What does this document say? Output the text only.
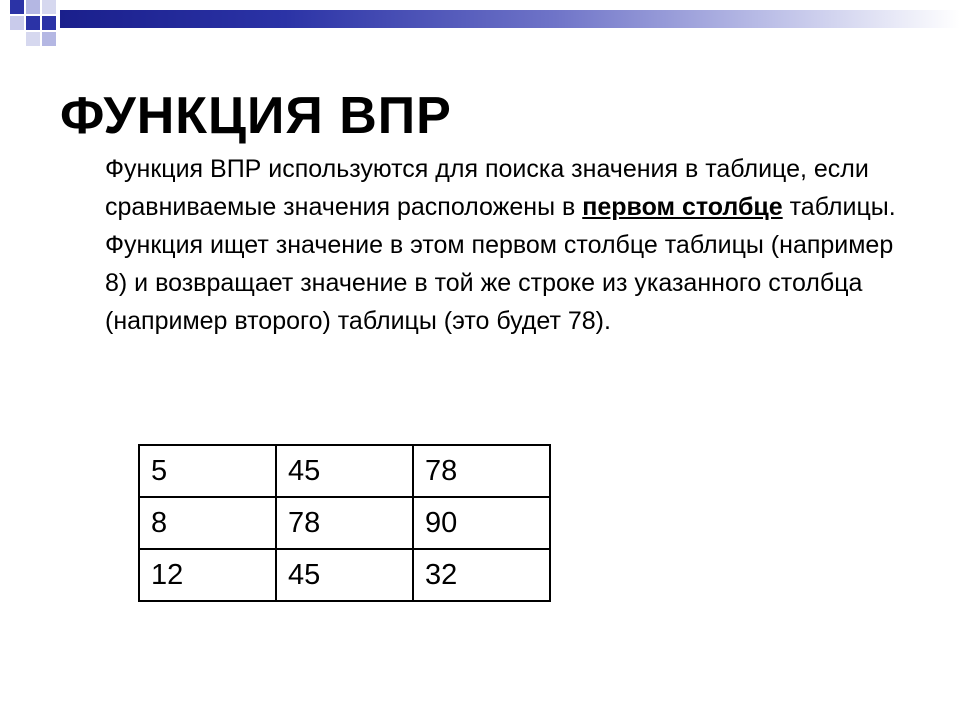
ФУНКЦИЯ ВПР

Функция ВПР используются для поиска значения в таблице, если сравниваемые значения расположены в первом столбце таблицы.

Функция ищет значение в этом первом столбце таблицы (например 8) и возвращает значение в той же строке из указанного столбца (например второго) таблицы (это будет 78).

5	45	78
8	78	90
12	45	32
